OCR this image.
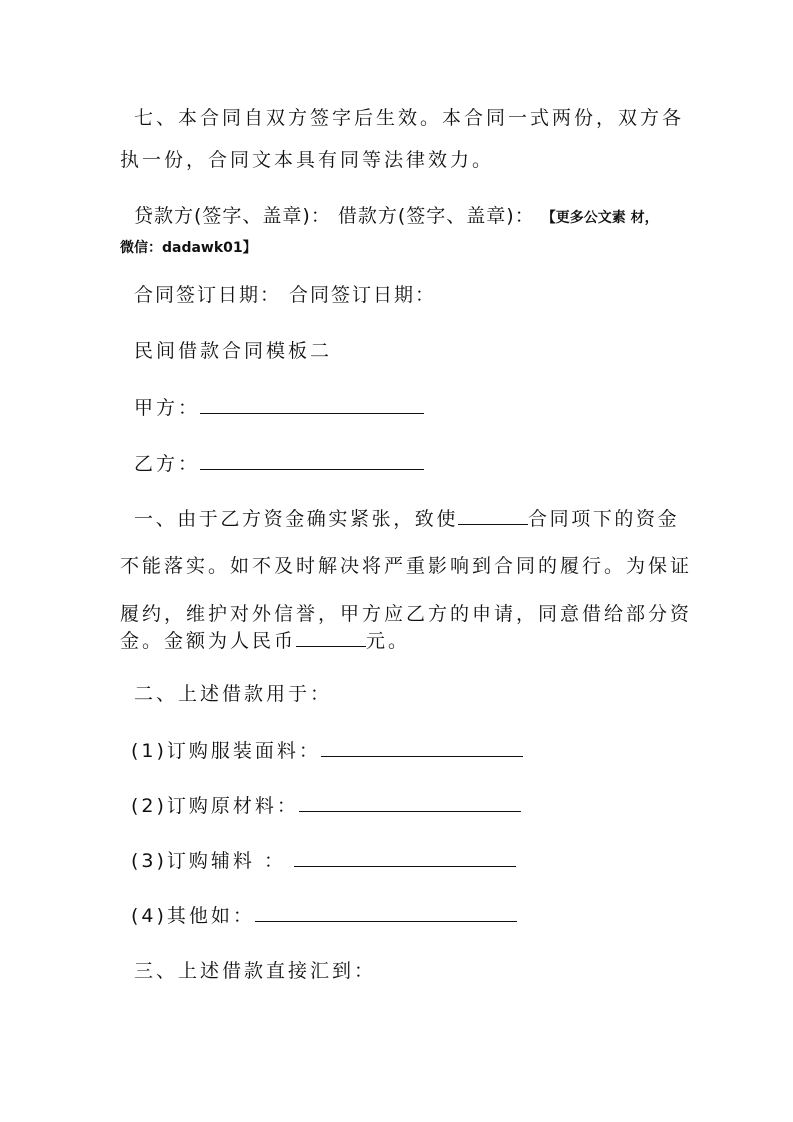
七、本合同自双方签字后生效。本合同一式两份，双方各
执一份，合同文本具有同等法律效力。
贷款方(签字、盖章)： 借款方(签字、盖章)： 【更多公文素 材，
微信：dadawk01】
合同签订日期： 合同签订日期：
民间借款合同模板二
甲方：
乙方：
一、由于乙方资金确实紧张，致使	合同项下的资金
不能落实。如不及时解决将严重影响到合同的履行。为保证
履约，维护对外信誉，甲方应乙方的申请，同意借给部分资
金。金额为人民币	元。
二、上述借款用于：
(1)订购服装面料：
(2)订购原材料：
(3)订购辅料 ：
(4)其他如：
三、上述借款直接汇到：
